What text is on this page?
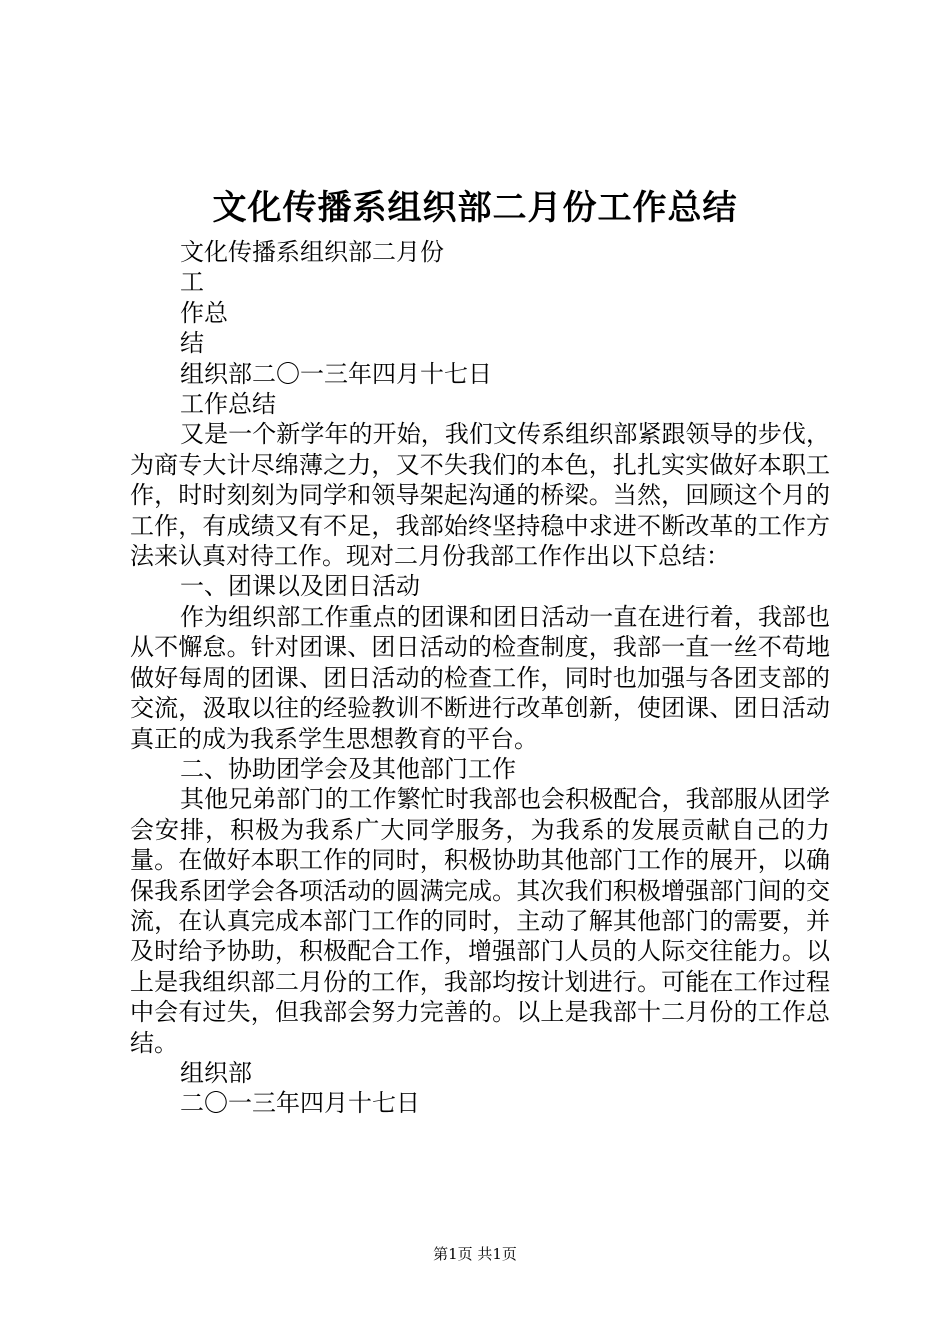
文化传播系组织部二月份工作总结
文化传播系组织部二月份
工
作总
结
组织部二〇一三年四月十七日
工作总结

又是一个新学年的开始，我们文传系组织部紧跟领导的步伐，为商专大计尽绵薄之力，又不失我们的本色，扎扎实实做好本职工作，时时刻刻为同学和领导架起沟通的桥梁。当然，回顾这个月的工作，有成绩又有不足，我部始终坚持稳中求进不断改革的工作方法来认真对待工作。现对二月份我部工作作出以下总结：

一、团课以及团日活动

作为组织部工作重点的团课和团日活动一直在进行着，我部也从不懈怠。针对团课、团日活动的检查制度，我部一直一丝不苟地做好每周的团课、团日活动的检查工作，同时也加强与各团支部的交流，汲取以往的经验教训不断进行改革创新，使团课、团日活动真正的成为我系学生思想教育的平台。

二、协助团学会及其他部门工作

其他兄弟部门的工作繁忙时我部也会积极配合，我部服从团学会安排，积极为我系广大同学服务，为我系的发展贡献自己的力量。在做好本职工作的同时，积极协助其他部门工作的展开，以确保我系团学会各项活动的圆满完成。其次我们积极增强部门间的交流，在认真完成本部门工作的同时，主动了解其他部门的需要，并及时给予协助，积极配合工作，增强部门人员的人际交往能力。以上是我组织部二月份的工作，我部均按计划进行。可能在工作过程中会有过失，但我部会努力完善的。以上是我部十二月份的工作总结。

组织部
二〇一三年四月十七日
第1页 共1页
